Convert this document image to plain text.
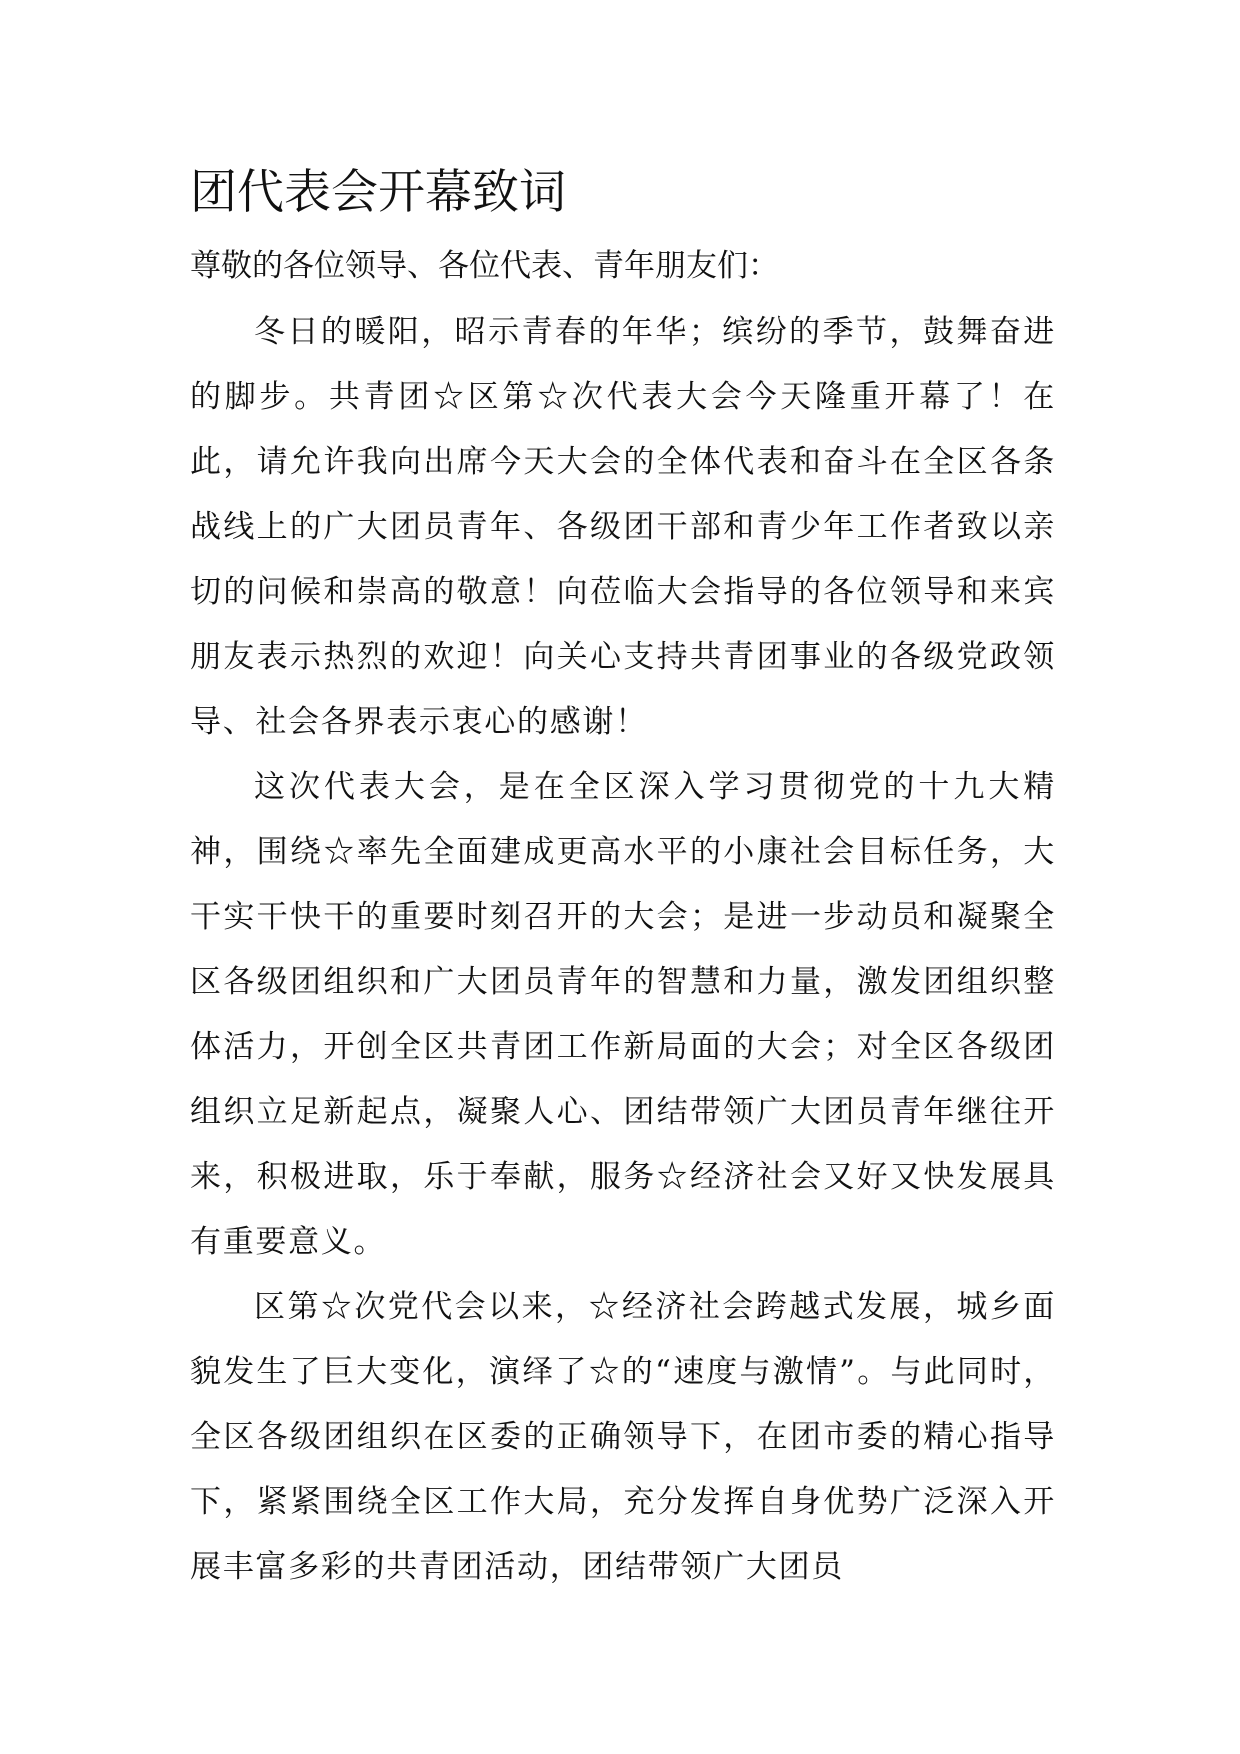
团代表会开幕致词

尊敬的各位领导、各位代表、青年朋友们：

冬日的暖阳，昭示青春的年华；缤纷的季节，鼓舞奋进的脚步。共青团☆区第☆次代表大会今天隆重开幕了！在此，请允许我向出席今天大会的全体代表和奋斗在全区各条战线上的广大团员青年、各级团干部和青少年工作者致以亲切的问候和崇高的敬意！向莅临大会指导的各位领导和来宾朋友表示热烈的欢迎！向关心支持共青团事业的各级党政领导、社会各界表示衷心的感谢！

这次代表大会，是在全区深入学习贯彻党的十九大精神，围绕☆率先全面建成更高水平的小康社会目标任务，大干实干快干的重要时刻召开的大会；是进一步动员和凝聚全区各级团组织和广大团员青年的智慧和力量，激发团组织整体活力，开创全区共青团工作新局面的大会；对全区各级团组织立足新起点，凝聚人心、团结带领广大团员青年继往开来，积极进取，乐于奉献，服务☆经济社会又好又快发展具有重要意义。

区第☆次党代会以来，☆经济社会跨越式发展，城乡面貌发生了巨大变化，演绎了☆的“速度与激情”。与此同时，全区各级团组织在区委的正确领导下，在团市委的精心指导下，紧紧围绕全区工作大局，充分发挥自身优势广泛深入开展丰富多彩的共青团活动，团结带领广大团员
